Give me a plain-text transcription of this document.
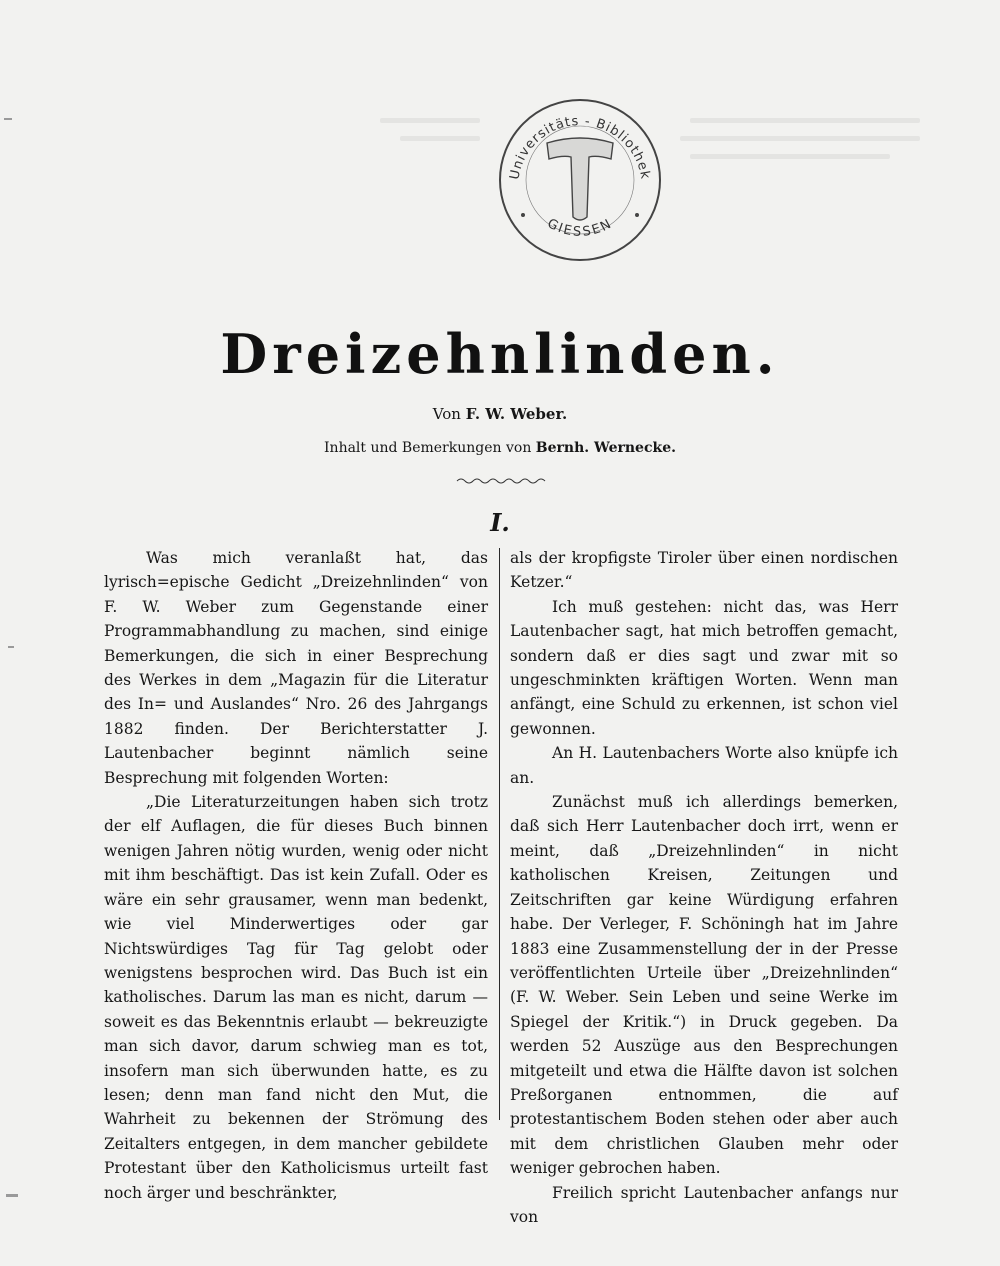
Universitäts - Bibliothek
GIESSEN
Dreizehnlinden.
Von F. W. Weber.
Inhalt und Bemerkungen von Bernh. Wernecke.
I.

Was mich veranlaßt hat, das lyrisch=epische Gedicht „Dreizehnlinden“ von F. W. Weber zum Gegenstande einer Programmabhandlung zu machen, sind einige Bemerkungen, die sich in einer Besprechung des Werkes in dem „Magazin für die Literatur des In= und Auslandes“ Nro. 26 des Jahrgangs 1882 finden. Der Berichterstatter J. Lautenbacher beginnt nämlich seine Besprechung mit folgenden Worten:

„Die Literaturzeitungen haben sich trotz der elf Auflagen, die für dieses Buch binnen wenigen Jahren nötig wurden, wenig oder nicht mit ihm beschäftigt. Das ist kein Zufall. Oder es wäre ein sehr grausamer, wenn man bedenkt, wie viel Minderwertiges oder gar Nichtswürdiges Tag für Tag gelobt oder wenigstens besprochen wird. Das Buch ist ein katholisches. Darum las man es nicht, darum — soweit es das Bekenntnis erlaubt — bekreuzigte man sich davor, darum schwieg man es tot, insofern man sich überwunden hatte, es zu lesen; denn man fand nicht den Mut, die Wahrheit zu bekennen der Strömung des Zeitalters entgegen, in dem mancher gebildete Protestant über den Katholicismus urteilt fast noch ärger und beschränkter,

als der kropfigste Tiroler über einen nordischen Ketzer.“

Ich muß gestehen: nicht das, was Herr Lautenbacher sagt, hat mich betroffen gemacht, sondern daß er dies sagt und zwar mit so ungeschminkten kräftigen Worten. Wenn man anfängt, eine Schuld zu erkennen, ist schon viel gewonnen.

An H. Lautenbachers Worte also knüpfe ich an.

Zunächst muß ich allerdings bemerken, daß sich Herr Lautenbacher doch irrt, wenn er meint, daß „Dreizehnlinden“ in nicht katholischen Kreisen, Zeitungen und Zeitschriften gar keine Würdigung erfahren habe. Der Verleger, F. Schöningh hat im Jahre 1883 eine Zusammenstellung der in der Presse veröffentlichten Urteile über „Dreizehnlinden“ (F. W. Weber. Sein Leben und seine Werke im Spiegel der Kritik.“) in Druck gegeben. Da werden 52 Auszüge aus den Besprechungen mitgeteilt und etwa die Hälfte davon ist solchen Preßorganen entnommen, die auf protestantischem Boden stehen oder aber auch mit dem christlichen Glauben mehr oder weniger gebrochen haben.

Freilich spricht Lautenbacher anfangs nur von
